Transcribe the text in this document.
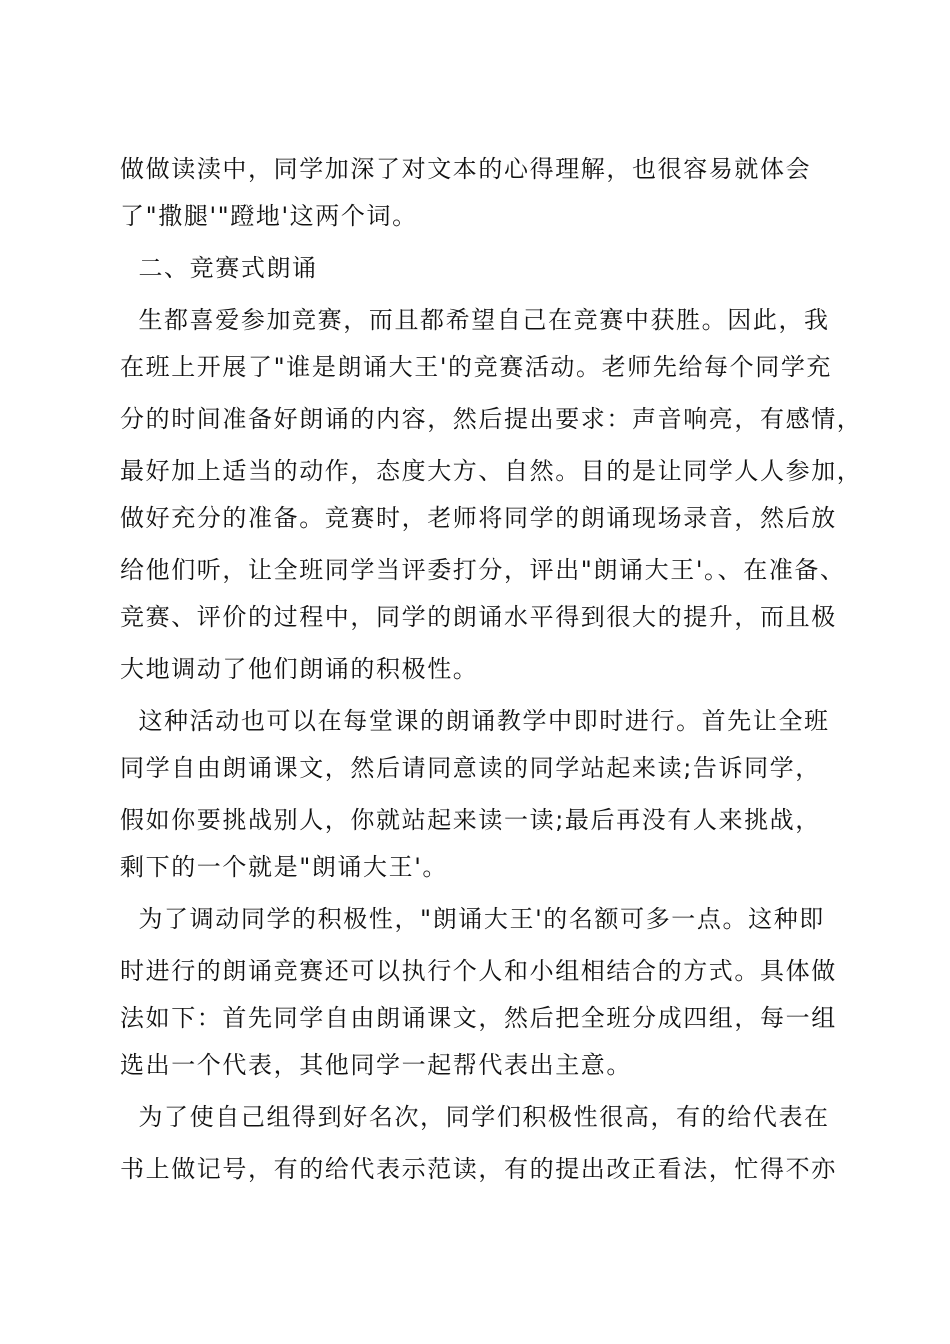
做做读渎中，同学加深了对文本的心得理解，也很容易就体会
了"撒腿'"蹬地'这两个词。
二、竞赛式朗诵
生都喜爱参加竞赛，而且都希望自己在竞赛中获胜。因此，我
在班上开展了"谁是朗诵大王'的竞赛活动。老师先给每个同学充
分的时间准备好朗诵的内容，然后提出要求：声音响亮，有感情，
最好加上适当的动作，态度大方、自然。目的是让同学人人参加，
做好充分的准备。竞赛时，老师将同学的朗诵现场录音，然后放
给他们听，让全班同学当评委打分，评出"朗诵大王'。、在准备、
竞赛、评价的过程中，同学的朗诵水平得到很大的提升，而且极
大地调动了他们朗诵的积极性。
这种活动也可以在每堂课的朗诵教学中即时进行。首先让全班
同学自由朗诵课文，然后请同意读的同学站起来读;告诉同学，
假如你要挑战别人，你就站起来读一读;最后再没有人来挑战，
剩下的一个就是"朗诵大王'。
为了调动同学的积极性，"朗诵大王'的名额可多一点。这种即
时进行的朗诵竞赛还可以执行个人和小组相结合的方式。具体做
法如下：首先同学自由朗诵课文，然后把全班分成四组，每一组
选出一个代表，其他同学一起帮代表出主意。
为了使自己组得到好名次，同学们积极性很高，有的给代表在
书上做记号，有的给代表示范读，有的提出改正看法，忙得不亦
